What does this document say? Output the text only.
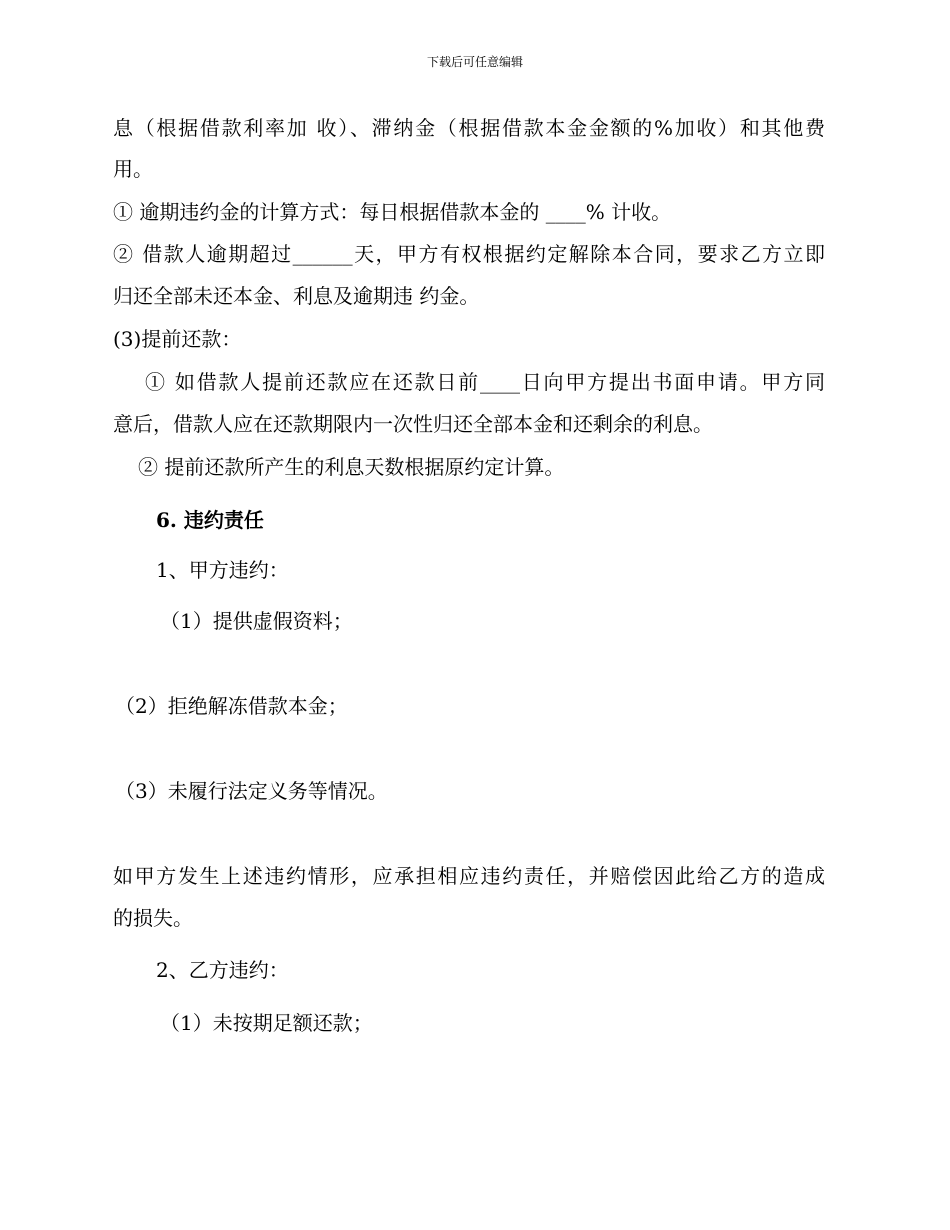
下载后可任意编辑
息（根据借款利率加 收）、滞纳金（根据借款本金金额的%加收）和其他费
用。
① 逾期违约金的计算方式：每日根据借款本金的 ____% 计收。
② 借款人逾期超过______天，甲方有权根据约定解除本合同，要求乙方立即
归还全部未还本金、利息及逾期违 约金。
(3)提前还款：
① 如借款人提前还款应在还款日前____日向甲方提出书面申请。甲方同
意后，借款人应在还款期限内一次性归还全部本金和还剩余的利息。
② 提前还款所产生的利息天数根据原约定计算。
6. 违约责任
1、甲方违约：
（1）提供虚假资料；
（2）拒绝解冻借款本金；
（3）未履行法定义务等情况。
如甲方发生上述违约情形，应承担相应违约责任，并赔偿因此给乙方的造成
的损失。
2、乙方违约：
（1）未按期足额还款；
